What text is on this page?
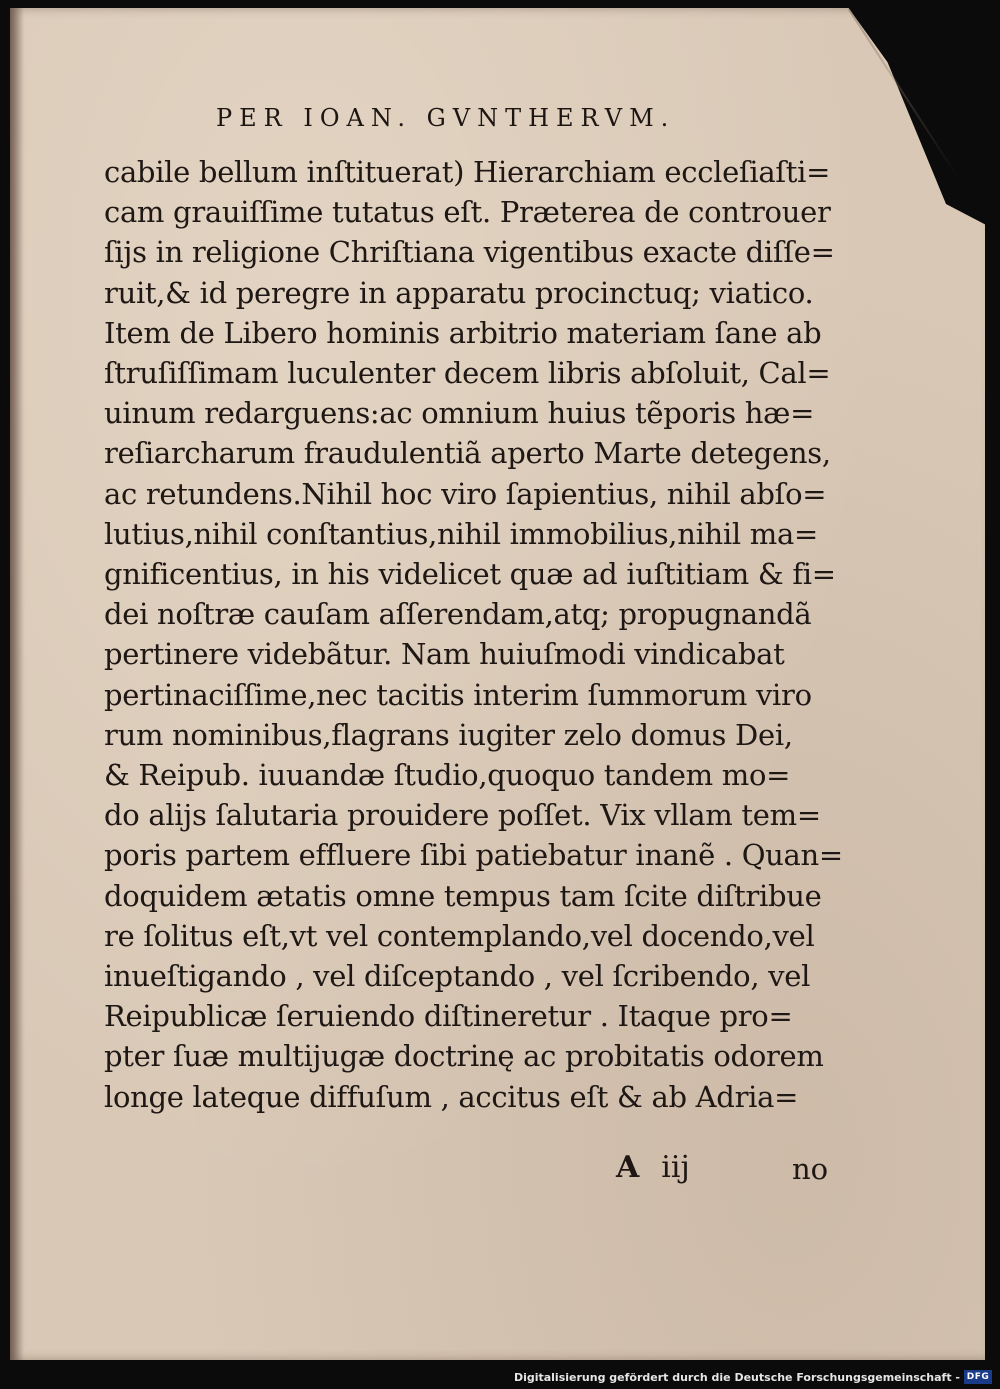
PER IOAN. GVNTHERVM.
cabile bellum inſtituerat) Hierarchiam eccleſiaſti=
cam grauiſſime tutatus eſt. Præterea de controuer
ſijs in religione Chriſtiana vigentibus exacte diſſe=
ruit,& id peregre in apparatu procinctuq; viatico.
Item de Libero hominis arbitrio materiam ſane ab
ſtruſiſſimam luculenter decem libris abſoluit, Cal=
uinum redarguens:ac omnium huius tẽporis hæ=
reſiarcharum fraudulentiã aperto Marte detegens,
ac retundens.Nihil hoc viro ſapientius, nihil abſo=
lutius,nihil conſtantius,nihil immobilius,nihil ma=
gnificentius, in his videlicet quæ ad iuſtitiam & fi=
dei noſtræ cauſam aſſerendam,atq; propugnandã
pertinere videbãtur. Nam huiuſmodi vindicabat
pertinaciſſime,nec tacitis interim ſummorum viro
rum nominibus,flagrans iugiter zelo domus Dei,
& Reipub. iuuandæ ſtudio,quoquo tandem mo=
do alijs ſalutaria prouidere poſſet. Vix vllam tem=
poris partem effluere ſibi patiebatur inanẽ . Quan=
doquidem ætatis omne tempus tam ſcite diſtribue
re ſolitus eſt,vt vel contemplando,vel docendo,vel
inueſtigando , vel diſceptando , vel ſcribendo, vel
Reipublicæ ſeruiendo diſtineretur . Itaque pro=
pter ſuæ multijugæ doctrinę ac probitatis odorem
longe lateque diffuſum , accitus eſt & ab Adria=
A iij	no
Digitalisierung gefördert durch die Deutsche Forschungsgemeinschaft - DFG
